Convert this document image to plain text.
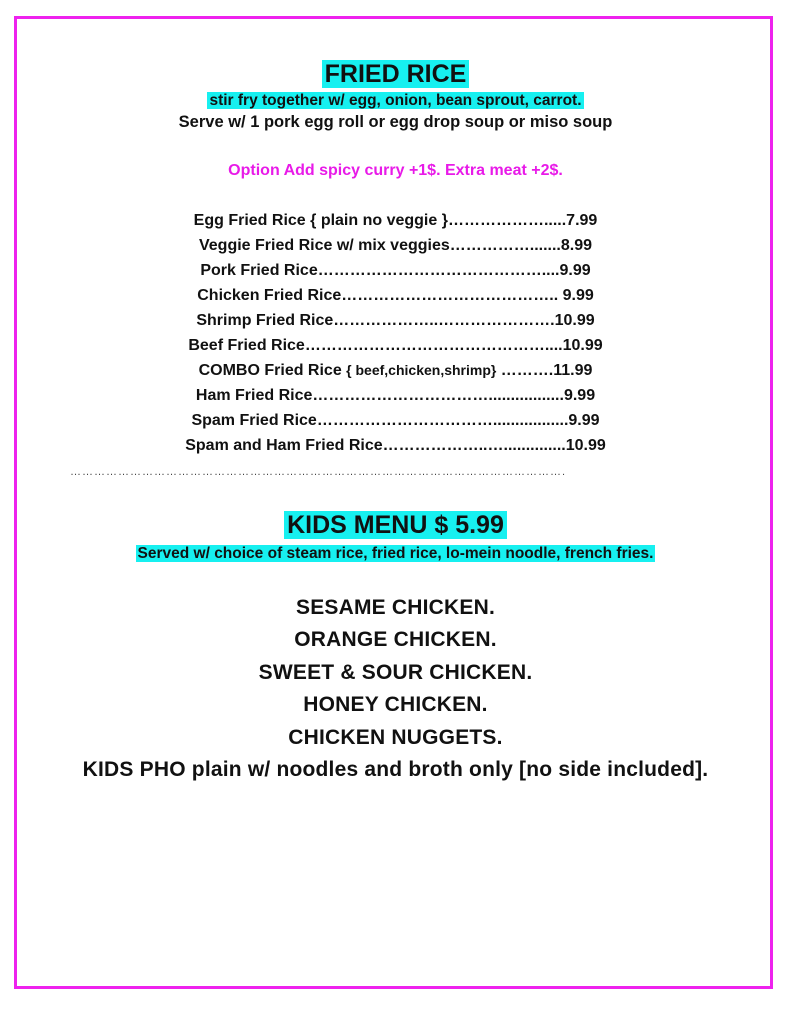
FRIED RICE
stir fry together w/ egg, onion, bean sprout, carrot.
Serve w/ 1 pork egg roll or egg drop soup or miso soup
Option Add spicy curry +1$. Extra meat +2$.
Egg Fried Rice { plain no veggie }……………….....7.99
Veggie Fried Rice w/ mix veggies…………….......8.99
Pork Fried Rice……………………………………....9.99
Chicken Fried Rice………………………………….. 9.99
Shrimp Fried Rice………………..………………….10.99
Beef Fried Rice………………………………………....10.99
COMBO Fried Rice { beef,chicken,shrimp} ……….11.99
Ham Fried Rice…………………………….................9.99
Spam Fried Rice…………………………….................9.99
Spam and Ham Fried Rice………………..…..............10.99
…………………………………………………………………………………………………………….
KIDS MENU $ 5.99
Served w/ choice of steam rice, fried rice, lo-mein noodle, french fries.
SESAME CHICKEN.
ORANGE CHICKEN.
SWEET & SOUR CHICKEN.
HONEY CHICKEN.
CHICKEN NUGGETS.
KIDS PHO plain w/ noodles and broth only [no side included].
